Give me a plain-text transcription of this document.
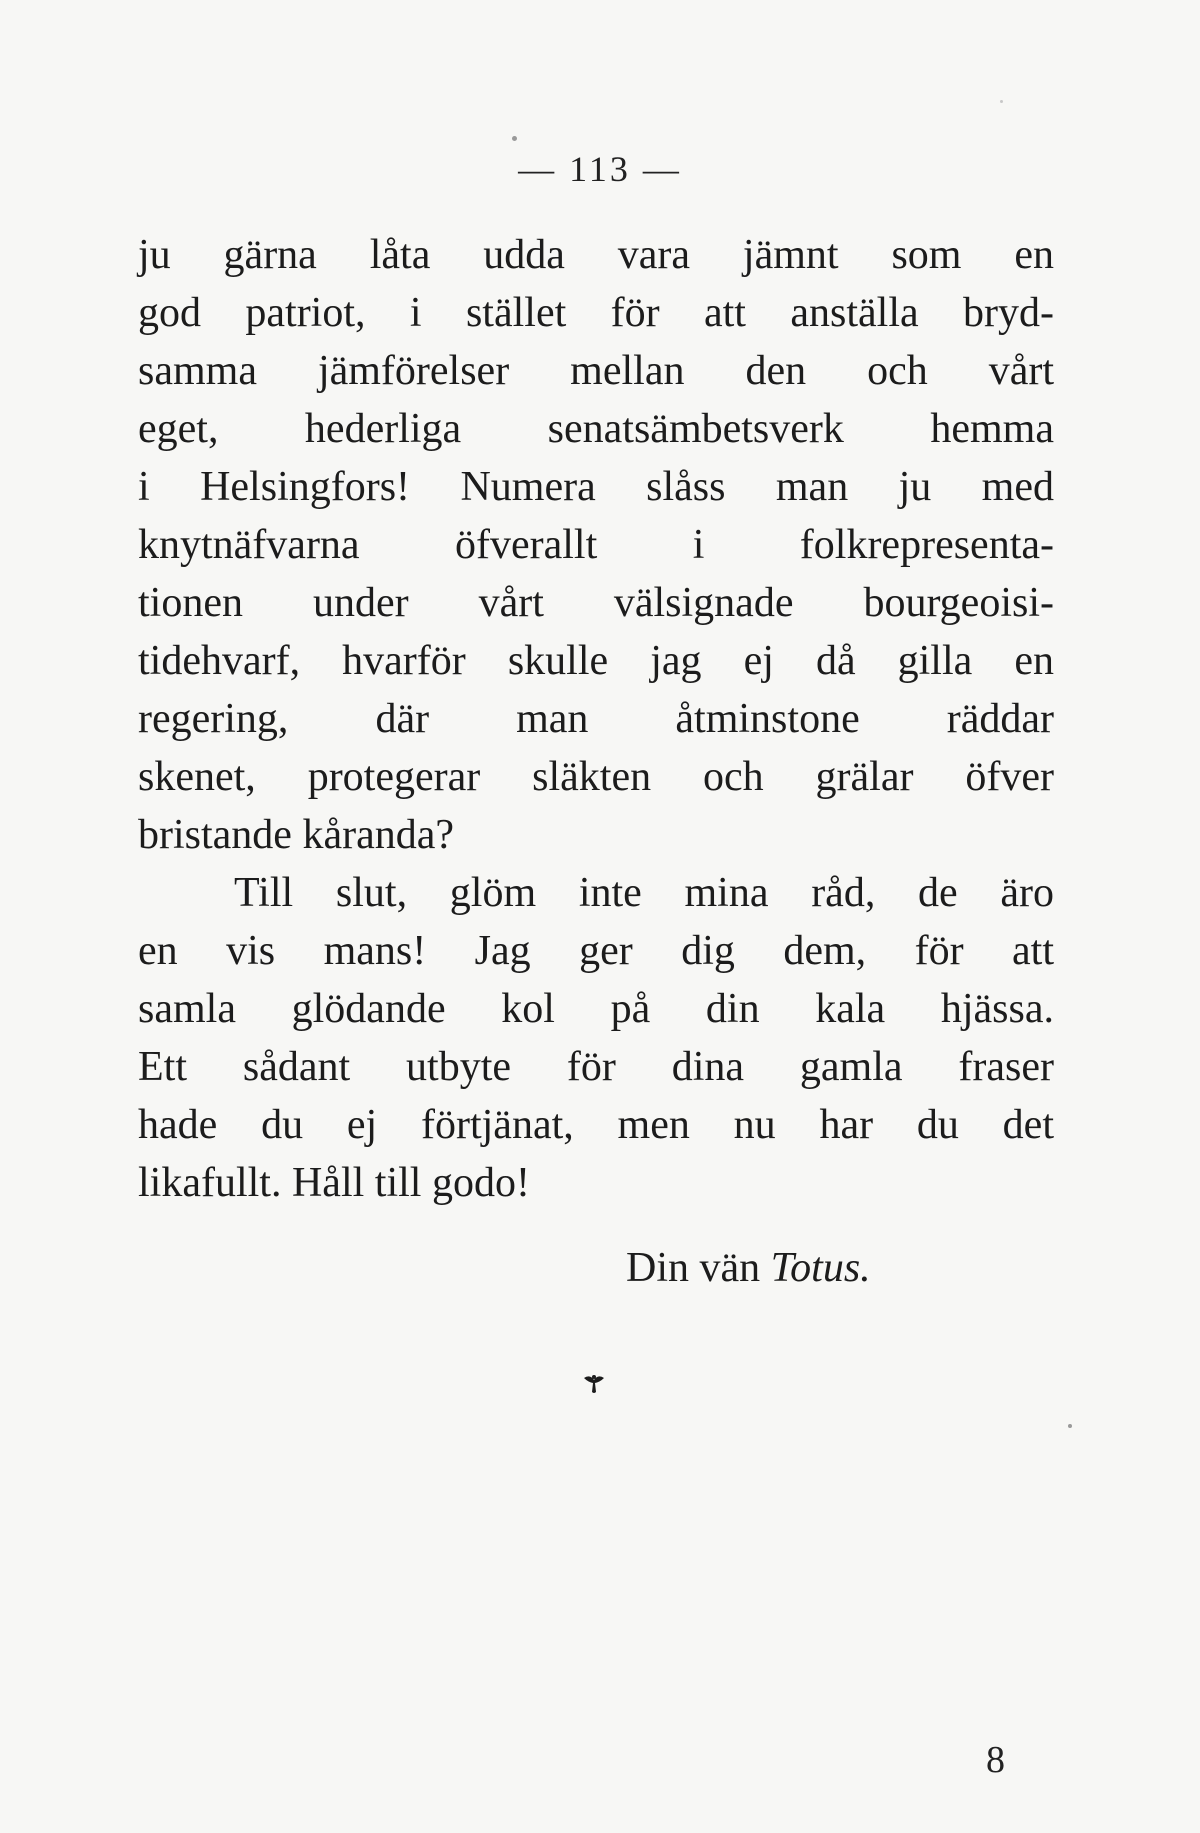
— 113 —
ju gärna låta udda vara jämnt som en
god patriot, i stället för att anställa bryd-
samma jämförelser mellan den och vårt
eget, hederliga senatsämbetsverk hemma
i Helsingfors! Numera slåss man ju med
knytnäfvarna öfverallt i folkrepresenta-
tionen under vårt välsignade bourgeoisi-
tidehvarf, hvarför skulle jag ej då gilla en
regering, där man åtminstone räddar
skenet, protegerar släkten och grälar öfver
bristande kåranda?
Till slut, glöm inte mina råd, de äro
en vis mans! Jag ger dig dem, för att
samla glödande kol på din kala hjässa.
Ett sådant utbyte för dina gamla fraser
hade du ej förtjänat, men nu har du det
likafullt. Håll till godo!
Din vän Totus.
8
